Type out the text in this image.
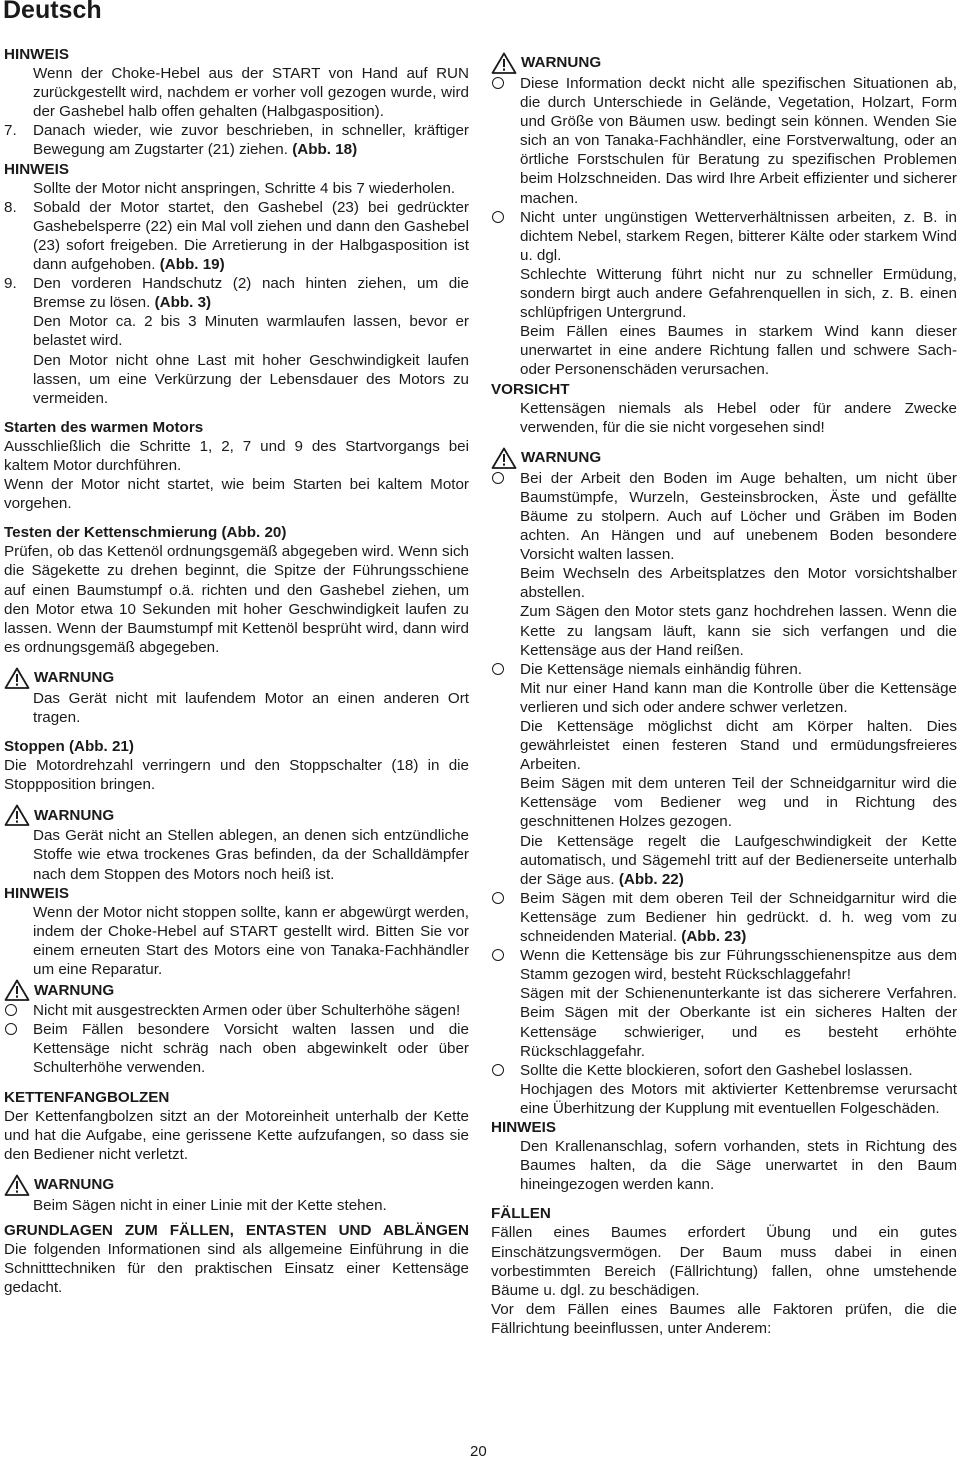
Deutsch

HINWEIS

Wenn der Choke-Hebel aus der START von Hand auf RUN zurückgestellt wird, nachdem er vorher voll gezogen wurde, wird der Gashebel halb offen gehalten (Halbgasposition).

7.	Danach wieder, wie zuvor beschrieben, in schneller, kräftiger Bewegung am Zugstarter (21) ziehen. (Abb. 18)

HINWEIS

Sollte der Motor nicht anspringen, Schritte 4 bis 7 wiederholen.

8.	Sobald der Motor startet, den Gashebel (23) bei gedrückter Gashebelsperre (22) ein Mal voll ziehen und dann den Gashebel (23) sofort freigeben. Die Arretierung in der Halbgasposition ist dann aufgehoben. (Abb. 19)

9.	Den vorderen Handschutz (2) nach hinten ziehen, um die Bremse zu lösen. (Abb. 3)

Den Motor ca. 2 bis 3 Minuten warmlaufen lassen, bevor er belastet wird.

Den Motor nicht ohne Last mit hoher Geschwindigkeit laufen lassen, um eine Verkürzung der Lebensdauer des Motors zu vermeiden.

Starten des warmen Motors

Ausschließlich die Schritte 1, 2, 7 und 9 des Startvorgangs bei kaltem Motor durchführen.

Wenn der Motor nicht startet, wie beim Starten bei kaltem Motor vorgehen.

Testen der Kettenschmierung (Abb. 20)

Prüfen, ob das Kettenöl ordnungsgemäß abgegeben wird. Wenn sich die Sägekette zu drehen beginnt, die Spitze der Führungsschiene auf einen Baumstumpf o.ä. richten und den Gashebel ziehen, um den Motor etwa 10 Sekunden mit hoher Geschwindigkeit laufen zu lassen. Wenn der Baumstumpf mit Kettenöl besprüht wird, dann wird es ordnungsgemäß abgegeben.

WARNUNG

Das Gerät nicht mit laufendem Motor an einen anderen Ort tragen.

Stoppen (Abb. 21)

Die Motordrehzahl verringern und den Stoppschalter (18) in die Stoppposition bringen.

WARNUNG

Das Gerät nicht an Stellen ablegen, an denen sich entzündliche Stoffe wie etwa trockenes Gras befinden, da der Schalldämpfer nach dem Stoppen des Motors noch heiß ist.

HINWEIS

Wenn der Motor nicht stoppen sollte, kann er abgewürgt werden, indem der Choke-Hebel auf START gestellt wird. Bitten Sie vor einem erneuten Start des Motors eine von Tanaka-Fachhändler um eine Reparatur.

WARNUNG

Nicht mit ausgestreckten Armen oder über Schulterhöhe sägen!

Beim Fällen besondere Vorsicht walten lassen und die Kettensäge nicht schräg nach oben abgewinkelt oder über Schulterhöhe verwenden.

KETTENFANGBOLZEN

Der Kettenfangbolzen sitzt an der Motoreinheit unterhalb der Kette und hat die Aufgabe, eine gerissene Kette aufzufangen, so dass sie den Bediener nicht verletzt.

WARNUNG

Beim Sägen nicht in einer Linie mit der Kette stehen.

GRUNDLAGEN ZUM FÄLLEN, ENTASTEN UND ABLÄNGEN

Die folgenden Informationen sind als allgemeine Einführung in die Schnitttechniken für den praktischen Einsatz einer Kettensäge gedacht.

WARNUNG

Diese Information deckt nicht alle spezifischen Situationen ab, die durch Unterschiede in Gelände, Vegetation, Holzart, Form und Größe von Bäumen usw. bedingt sein können. Wenden Sie sich an von Tanaka-Fachhändler, eine Forstverwaltung, oder an örtliche Forstschulen für Beratung zu spezifischen Problemen beim Holzschneiden. Das wird Ihre Arbeit effizienter und sicherer machen.

Nicht unter ungünstigen Wetterverhältnissen arbeiten, z. B. in dichtem Nebel, starkem Regen, bitterer Kälte oder starkem Wind u. dgl.

Schlechte Witterung führt nicht nur zu schneller Ermüdung, sondern birgt auch andere Gefahrenquellen in sich, z. B. einen schlüpfrigen Untergrund.

Beim Fällen eines Baumes in starkem Wind kann dieser unerwartet in eine andere Richtung fallen und schwere Sach- oder Personenschäden verursachen.

VORSICHT

Kettensägen niemals als Hebel oder für andere Zwecke verwenden, für die sie nicht vorgesehen sind!

WARNUNG

Bei der Arbeit den Boden im Auge behalten, um nicht über Baumstümpfe, Wurzeln, Gesteinsbrocken, Äste und gefällte Bäume zu stolpern. Auch auf Löcher und Gräben im Boden achten. An Hängen und auf unebenem Boden besondere Vorsicht walten lassen.

Beim Wechseln des Arbeitsplatzes den Motor vorsichtshalber abstellen.

Zum Sägen den Motor stets ganz hochdrehen lassen. Wenn die Kette zu langsam läuft, kann sie sich verfangen und die Kettensäge aus der Hand reißen.

Die Kettensäge niemals einhändig führen.

Mit nur einer Hand kann man die Kontrolle über die Kettensäge verlieren und sich oder andere schwer verletzen.

Die Kettensäge möglichst dicht am Körper halten. Dies gewährleistet einen festeren Stand und ermüdungsfreieres Arbeiten.

Beim Sägen mit dem unteren Teil der Schneidgarnitur wird die Kettensäge vom Bediener weg und in Richtung des geschnittenen Holzes gezogen.

Die Kettensäge regelt die Laufgeschwindigkeit der Kette automatisch, und Sägemehl tritt auf der Bedienerseite unterhalb der Säge aus. (Abb. 22)

Beim Sägen mit dem oberen Teil der Schneidgarnitur wird die Kettensäge zum Bediener hin gedrückt. d. h. weg vom zu schneidenden Material. (Abb. 23)

Wenn die Kettensäge bis zur Führungsschienenspitze aus dem Stamm gezogen wird, besteht Rückschlaggefahr!

Sägen mit der Schienenunterkante ist das sicherere Verfahren. Beim Sägen mit der Oberkante ist ein sicheres Halten der Kettensäge schwieriger, und es besteht erhöhte Rückschlaggefahr.

Sollte die Kette blockieren, sofort den Gashebel loslassen.

Hochjagen des Motors mit aktivierter Kettenbremse verursacht eine Überhitzung der Kupplung mit eventuellen Folgeschäden.

HINWEIS

Den Krallenanschlag, sofern vorhanden, stets in Richtung des Baumes halten, da die Säge unerwartet in den Baum hineingezogen werden kann.

FÄLLEN

Fällen eines Baumes erfordert Übung und ein gutes Einschätzungsvermögen. Der Baum muss dabei in einen vorbestimmten Bereich (Fällrichtung) fallen, ohne umstehende Bäume u. dgl. zu beschädigen.

Vor dem Fällen eines Baumes alle Faktoren prüfen, die die Fällrichtung beeinflussen, unter Anderem:

20
